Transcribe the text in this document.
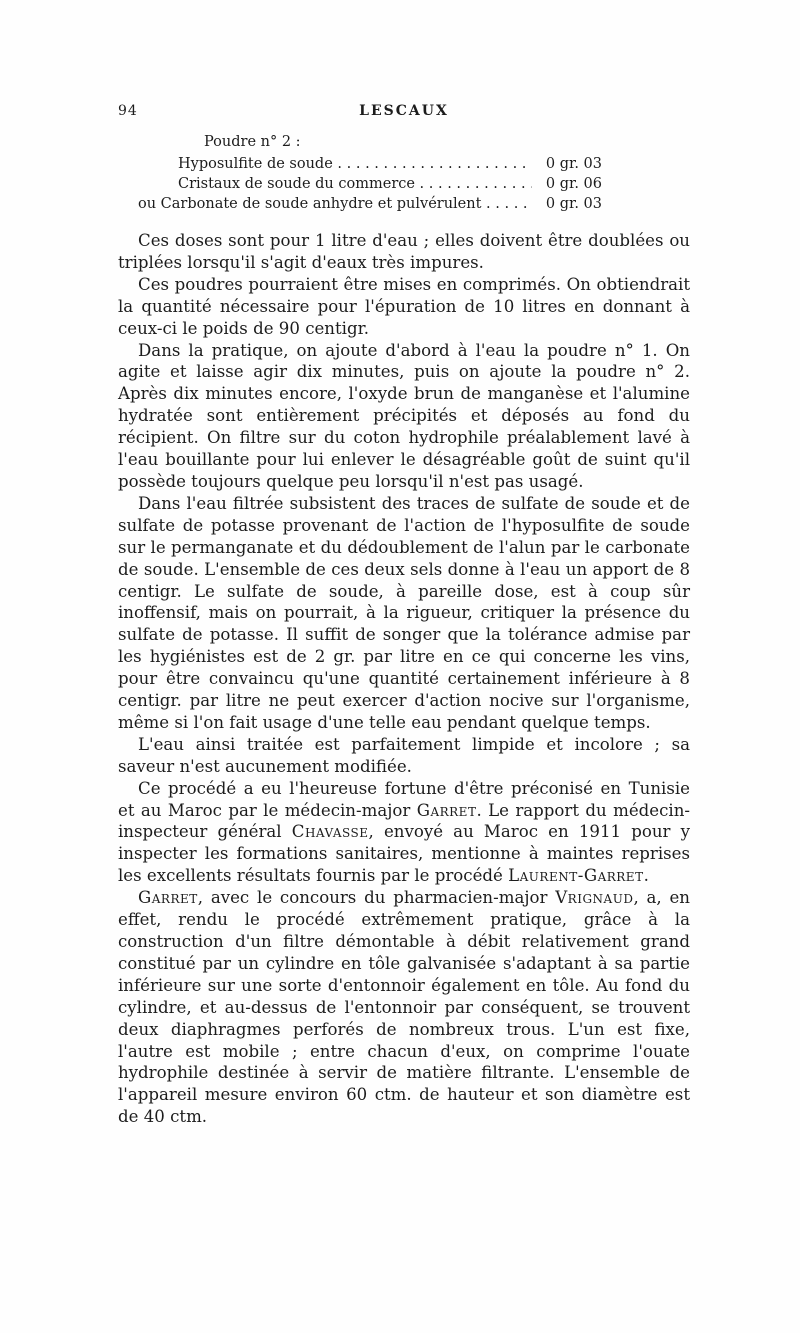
94	LESCAUX
Poudre n° 2 :
Hyposulfite de soude . . .	0 gr. 03
Cristaux de soude du commerce . . .	0 gr. 06
ou Carbonate de soude anhydre et pulvérulent . . .	0 gr. 03

Ces doses sont pour 1 litre d'eau ; elles doivent être doublées ou triplées lorsqu'il s'agit d'eaux très impures.

Ces poudres pourraient être mises en comprimés. On obtiendrait la quantité nécessaire pour l'épuration de 10 litres en donnant à ceux-ci le poids de 90 centigr.

Dans la pratique, on ajoute d'abord à l'eau la poudre n° 1. On agite et laisse agir dix minutes, puis on ajoute la poudre n° 2. Après dix minutes encore, l'oxyde brun de manganèse et l'alumine hydratée sont entièrement précipités et déposés au fond du récipient. On filtre sur du coton hydrophile préalablement lavé à l'eau bouillante pour lui enlever le désagréable goût de suint qu'il possède toujours quelque peu lorsqu'il n'est pas usagé.

Dans l'eau filtrée subsistent des traces de sulfate de soude et de sulfate de potasse provenant de l'action de l'hyposulfite de soude sur le permanganate et du dédoublement de l'alun par le carbonate de soude. L'ensemble de ces deux sels donne à l'eau un apport de 8 centigr. Le sulfate de soude, à pareille dose, est à coup sûr inoffensif, mais on pourrait, à la rigueur, critiquer la présence du sulfate de potasse. Il suffit de songer que la tolérance admise par les hygiénistes est de 2 gr. par litre en ce qui concerne les vins, pour être convaincu qu'une quantité certainement inférieure à 8 centigr. par litre ne peut exercer d'action nocive sur l'organisme, même si l'on fait usage d'une telle eau pendant quelque temps.

L'eau ainsi traitée est parfaitement limpide et incolore ; sa saveur n'est aucunement modifiée.

Ce procédé a eu l'heureuse fortune d'être préconisé en Tunisie et au Maroc par le médecin-major Garret. Le rapport du médecin-inspecteur général Chavasse, envoyé au Maroc en 1911 pour y inspecter les formations sanitaires, mentionne à maintes reprises les excellents résultats fournis par le procédé Laurent-Garret.

Garret, avec le concours du pharmacien-major Vrignaud, a, en effet, rendu le procédé extrêmement pratique, grâce à la construction d'un filtre démontable à débit relativement grand constitué par un cylindre en tôle galvanisée s'adaptant à sa partie inférieure sur une sorte d'entonnoir également en tôle. Au fond du cylindre, et au-dessus de l'entonnoir par conséquent, se trouvent deux diaphragmes perforés de nombreux trous. L'un est fixe, l'autre est mobile ; entre chacun d'eux, on comprime l'ouate hydrophile destinée à servir de matière filtrante. L'ensemble de l'appareil mesure environ 60 ctm. de hauteur et son diamètre est de 40 ctm.
